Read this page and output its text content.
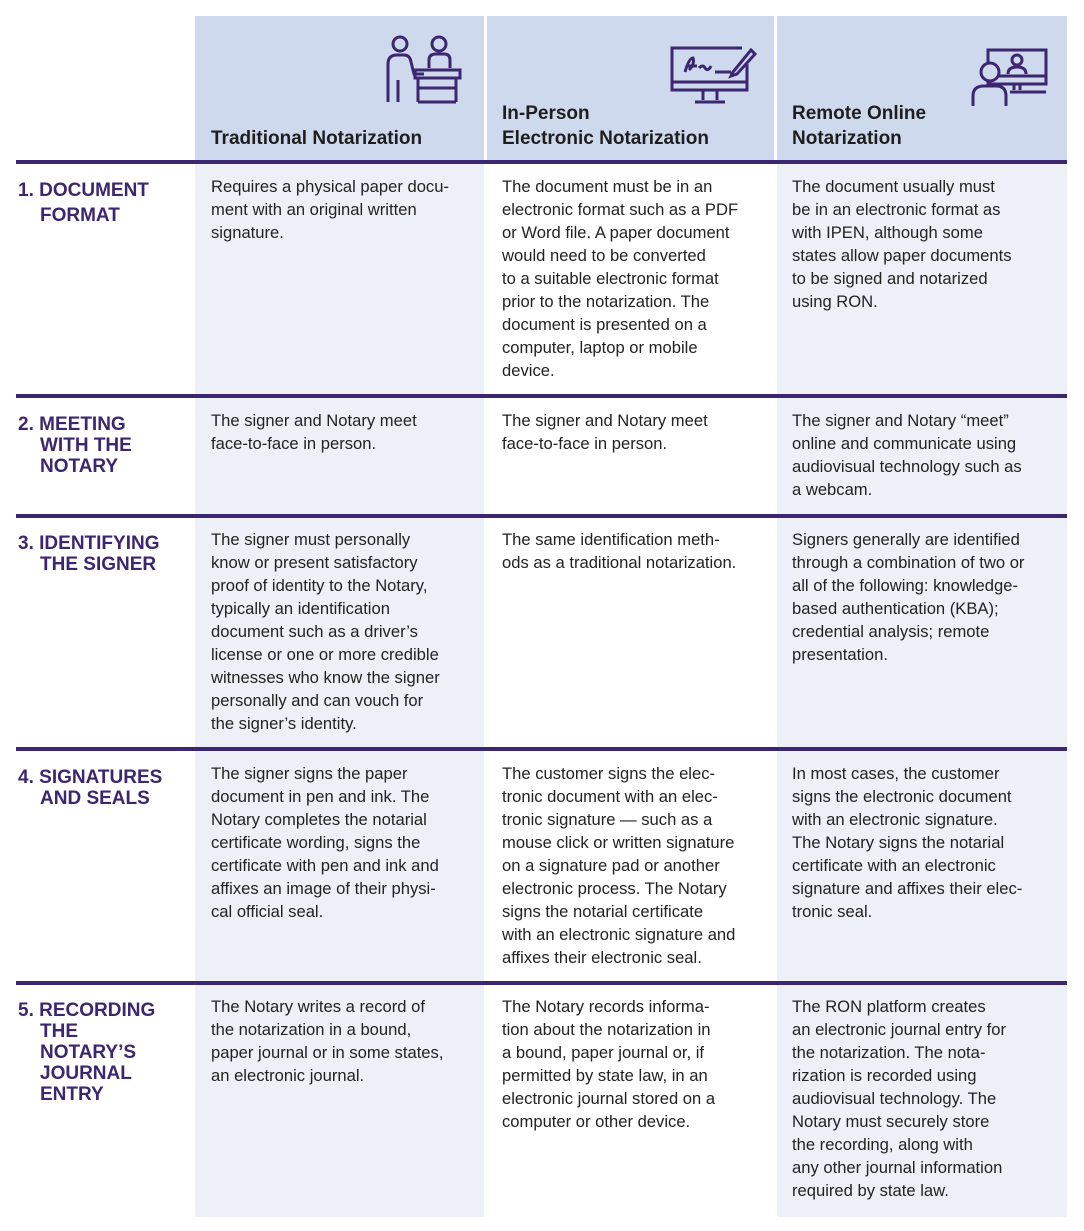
Traditional Notarization
In-Person
Electronic Notarization
Remote Online
Notarization
1. DOCUMENT
FORMAT
Requires a physical paper docu-
ment with an original written
signature.
The document must be in an
electronic format such as a PDF
or Word file. A paper document
would need to be converted
to a suitable electronic format
prior to the notarization. The
document is presented on a
computer, laptop or mobile
device.
The document usually must
be in an electronic format as
with IPEN, although some
states allow paper documents
to be signed and notarized
using RON.
2. MEETING
WITH THE
NOTARY
The signer and Notary meet
face-to-face in person.
The signer and Notary meet
face-to-face in person.
The signer and Notary “meet”
online and communicate using
audiovisual technology such as
a webcam.
3. IDENTIFYING
THE SIGNER
The signer must personally
know or present satisfactory
proof of identity to the Notary,
typically an identification
document such as a driver’s
license or one or more credible
witnesses who know the signer
personally and can vouch for
the signer’s identity.
The same identification meth-
ods as a traditional notarization.
Signers generally are identified
through a combination of two or
all of the following: knowledge-
based authentication (KBA);
credential analysis; remote
presentation.
4. SIGNATURES
AND SEALS
The signer signs the paper
document in pen and ink. The
Notary completes the notarial
certificate wording, signs the
certificate with pen and ink and
affixes an image of their physi-
cal official seal.
The customer signs the elec-
tronic document with an elec-
tronic signature — such as a
mouse click or written signature
on a signature pad or another
electronic process. The Notary
signs the notarial certificate
with an electronic signature and
affixes their electronic seal.
In most cases, the customer
signs the electronic document
with an electronic signature.
The Notary signs the notarial
certificate with an electronic
signature and affixes their elec-
tronic seal.
5. RECORDING
THE
NOTARY’S
JOURNAL
ENTRY
The Notary writes a record of
the notarization in a bound,
paper journal or in some states,
an electronic journal.
The Notary records informa-
tion about the notarization in
a bound, paper journal or, if
permitted by state law, in an
electronic journal stored on a
computer or other device.
The RON platform creates
an electronic journal entry for
the notarization. The nota-
rization is recorded using
audiovisual technology. The
Notary must securely store
the recording, along with
any other journal information
required by state law.
